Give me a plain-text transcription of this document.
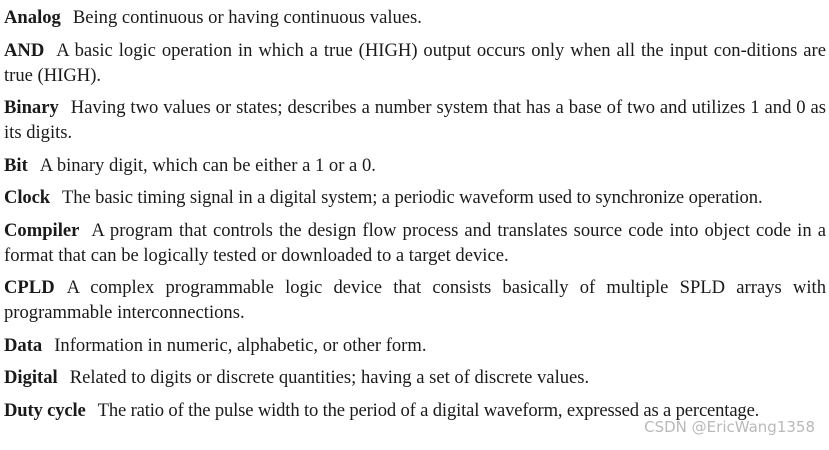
Analog Being continuous or having continuous values.

AND A basic logic operation in which a true (HIGH) output occurs only when all the input con-ditions are true (HIGH).

Binary Having two values or states; describes a number system that has a base of two and utilizes 1 and 0 as its digits.

Bit A binary digit, which can be either a 1 or a 0.

Clock The basic timing signal in a digital system; a periodic waveform used to synchronize operation.

Compiler A program that controls the design flow process and translates source code into object code in a format that can be logically tested or downloaded to a target device.

CPLD A complex programmable logic device that consists basically of multiple SPLD arrays with programmable interconnections.

Data Information in numeric, alphabetic, or other form.

Digital Related to digits or discrete quantities; having a set of discrete values.

Duty cycle The ratio of the pulse width to the period of a digital waveform, expressed as a percentage.

CSDN @EricWang1358
